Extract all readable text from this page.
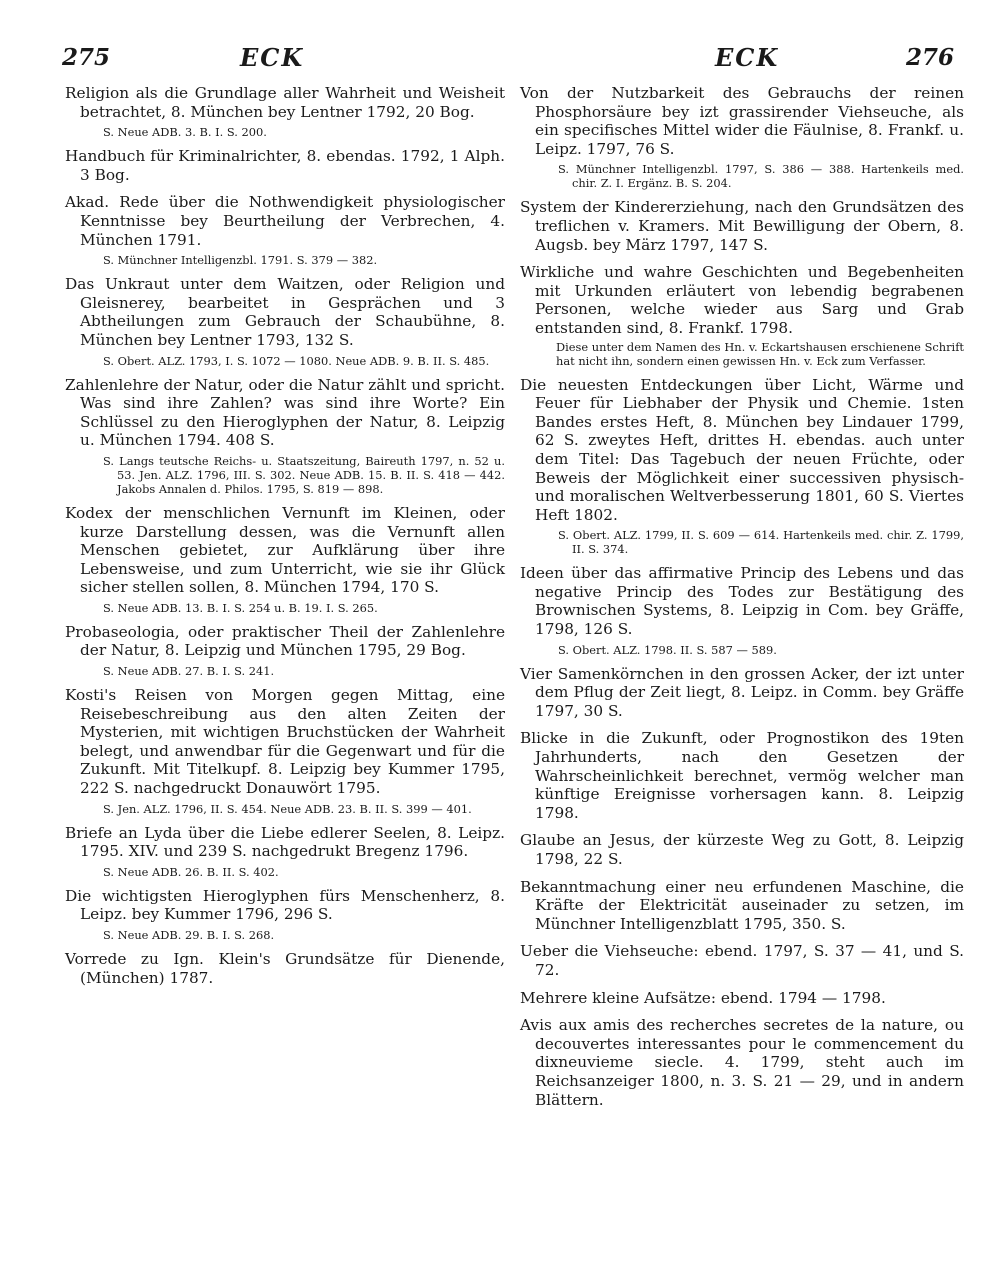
275	ECK	ECK	276

Religion als die Grundlage aller Wahrheit und Weisheit betrachtet, 8. München bey Lentner 1792, 20 Bog.

S. Neue ADB. 3. B. I. S. 200.

Handbuch für Kriminalrichter, 8. ebendas. 1792, 1 Alph. 3 Bog.

Akad. Rede über die Nothwendigkeit physiologischer Kenntnisse bey Beurtheilung der Verbrechen, 4. München 1791.

S. Münchner Intelligenzbl. 1791. S. 379 — 382.

Das Unkraut unter dem Waitzen, oder Religion und Gleisnerey, bearbeitet in Gesprächen und 3 Abtheilungen zum Gebrauch der Schaubühne, 8. München bey Lentner 1793, 132 S.

S. Obert. ALZ. 1793, I. S. 1072 — 1080. Neue ADB. 9. B. II. S. 485.

Zahlenlehre der Natur, oder die Natur zählt und spricht. Was sind ihre Zahlen? was sind ihre Worte? Ein Schlüssel zu den Hieroglyphen der Natur, 8. Leipzig u. München 1794. 408 S.

S. Langs teutsche Reichs- u. Staatszeitung, Baireuth 1797, n. 52 u. 53. Jen. ALZ. 1796, III. S. 302. Neue ADB. 15. B. II. S. 418 — 442. Jakobs Annalen d. Philos. 1795, S. 819 — 898.

Kodex der menschlichen Vernunft im Kleinen, oder kurze Darstellung dessen, was die Vernunft allen Menschen gebietet, zur Aufklärung über ihre Lebensweise, und zum Unterricht, wie sie ihr Glück sicher stellen sollen, 8. München 1794, 170 S.

S. Neue ADB. 13. B. I. S. 254 u. B. 19. I. S. 265.

Probaseologia, oder praktischer Theil der Zahlenlehre der Natur, 8. Leipzig und München 1795, 29 Bog.

S. Neue ADB. 27. B. I. S. 241.

Kosti's Reisen von Morgen gegen Mittag, eine Reisebeschreibung aus den alten Zeiten der Mysterien, mit wichtigen Bruchstücken der Wahrheit belegt, und anwendbar für die Gegenwart und für die Zukunft. Mit Titelkupf. 8. Leipzig bey Kummer 1795, 222 S. nachgedruckt Donauwört 1795.

S. Jen. ALZ. 1796, II. S. 454. Neue ADB. 23. B. II. S. 399 — 401.

Briefe an Lyda über die Liebe edlerer Seelen, 8. Leipz. 1795. XIV. und 239 S. nachgedrukt Bregenz 1796.

S. Neue ADB. 26. B. II. S. 402.

Die wichtigsten Hieroglyphen fürs Menschenherz, 8. Leipz. bey Kummer 1796, 296 S.

S. Neue ADB. 29. B. I. S. 268.

Vorrede zu Ign. Klein's Grundsätze für Dienende, (München) 1787.

Von der Nutzbarkeit des Gebrauchs der reinen Phosphorsäure bey izt grassirender Viehseuche, als ein specifisches Mittel wider die Fäulnise, 8. Frankf. u. Leipz. 1797, 76 S.

S. Münchner Intelligenzbl. 1797, S. 386 — 388. Hartenkeils med. chir. Z. I. Ergänz. B. S. 204.

System der Kindererziehung, nach den Grundsätzen des treflichen v. Kramers. Mit Bewilligung der Obern, 8. Augsb. bey März 1797, 147 S.

Wirkliche und wahre Geschichten und Begebenheiten mit Urkunden erläutert von lebendig begrabenen Personen, welche wieder aus Sarg und Grab entstanden sind, 8. Frankf. 1798.

Diese unter dem Namen des Hn. v. Eckartshausen erschienene Schrift hat nicht ihn, sondern einen gewissen Hn. v. Eck zum Verfasser.

Die neuesten Entdeckungen über Licht, Wärme und Feuer für Liebhaber der Physik und Chemie. 1sten Bandes erstes Heft, 8. München bey Lindauer 1799, 62 S. zweytes Heft, drittes H. ebendas. auch unter dem Titel: Das Tagebuch der neuen Früchte, oder Beweis der Möglichkeit einer successiven physisch- und moralischen Weltverbesserung 1801, 60 S. Viertes Heft 1802.

S. Obert. ALZ. 1799, II. S. 609 — 614. Hartenkeils med. chir. Z. 1799, II. S. 374.

Ideen über das affirmative Princip des Lebens und das negative Princip des Todes zur Bestätigung des Brownischen Systems, 8. Leipzig in Com. bey Gräffe, 1798, 126 S.

S. Obert. ALZ. 1798. II. S. 587 — 589.

Vier Samenkörnchen in den grossen Acker, der izt unter dem Pflug der Zeit liegt, 8. Leipz. in Comm. bey Gräffe 1797, 30 S.

Blicke in die Zukunft, oder Prognostikon des 19ten Jahrhunderts, nach den Gesetzen der Wahrscheinlichkeit berechnet, vermög welcher man künftige Ereignisse vorhersagen kann. 8. Leipzig 1798.

Glaube an Jesus, der kürzeste Weg zu Gott, 8. Leipzig 1798, 22 S.

Bekanntmachung einer neu erfundenen Maschine, die Kräfte der Elektricität auseinader zu setzen, im Münchner Intelligenzblatt 1795, 350. S.

Ueber die Viehseuche: ebend. 1797, S. 37 — 41, und S. 72.

Mehrere kleine Aufsätze: ebend. 1794 — 1798.

Avis aux amis des recherches secretes de la nature, ou decouvertes interessantes pour le commencement du dixneuvieme siecle. 4. 1799, steht auch im Reichsanzeiger 1800, n. 3. S. 21 — 29, und in andern Blättern.
